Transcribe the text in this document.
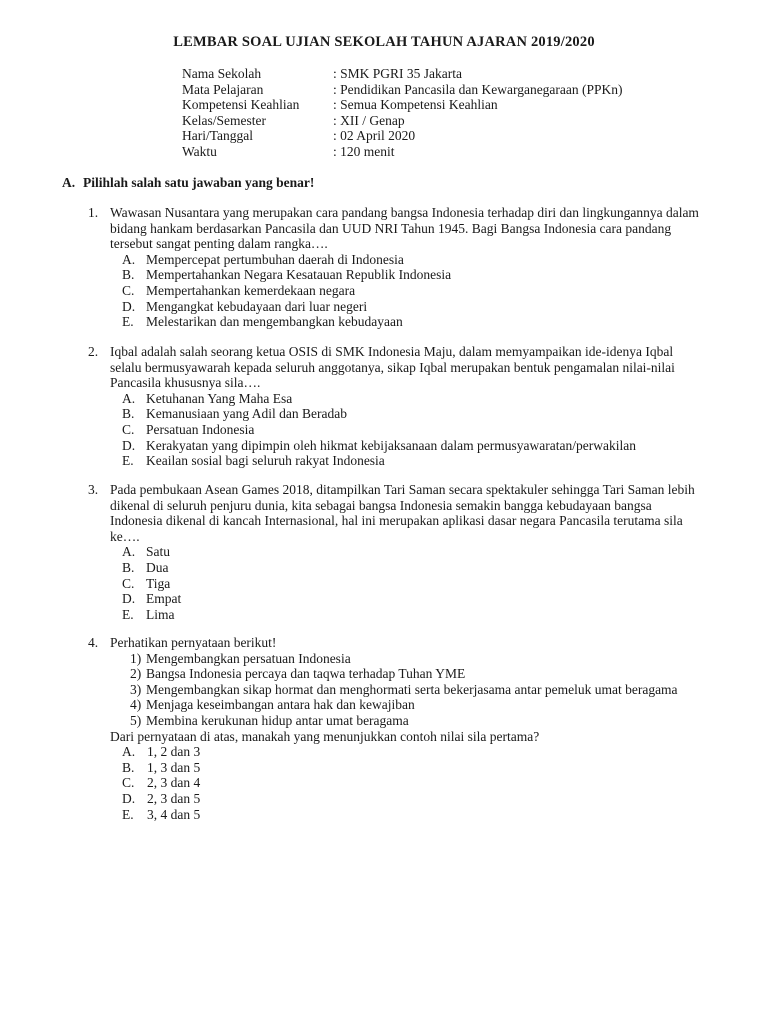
LEMBAR SOAL UJIAN SEKOLAH TAHUN AJARAN 2019/2020
Nama Sekolah	: SMK PGRI 35 Jakarta
Mata Pelajaran	: Pendidikan Pancasila dan Kewarganegaraan (PPKn)
Kompetensi Keahlian : Semua Kompetensi Keahlian
Kelas/Semester	: XII / Genap
Hari/Tanggal	: 02 April 2020
Waktu	: 120 menit
A. Pilihlah salah satu jawaban yang benar!
1. Wawasan Nusantara yang merupakan cara pandang bangsa Indonesia terhadap diri dan lingkungannya dalam
bidang hankam berdasarkan Pancasila dan UUD NRI Tahun 1945. Bagi Bangsa Indonesia cara pandang
tersebut sangat penting dalam rangka….
A. Mempercepat pertumbuhan daerah di Indonesia
B. Mempertahankan Negara Kesatauan Republik Indonesia
C. Mempertahankan kemerdekaan negara
D. Mengangkat kebudayaan dari luar negeri
E. Melestarikan dan mengembangkan kebudayaan
2. Iqbal adalah salah seorang ketua OSIS di SMK Indonesia Maju, dalam memyampaikan ide-idenya Iqbal
selalu bermusyawarah kepada seluruh anggotanya, sikap Iqbal merupakan bentuk pengamalan nilai-nilai
Pancasila khususnya sila….
A. Ketuhanan Yang Maha Esa
B. Kemanusiaan yang Adil dan Beradab
C. Persatuan Indonesia
D. Kerakyatan yang dipimpin oleh hikmat kebijaksanaan dalam permusyawaratan/perwakilan
E. Keailan sosial bagi seluruh rakyat Indonesia
3. Pada pembukaan Asean Games 2018, ditampilkan Tari Saman secara spektakuler sehingga Tari Saman lebih
dikenal di seluruh penjuru dunia, kita sebagai bangsa Indonesia semakin bangga kebudayaan bangsa
Indonesia dikenal di kancah Internasional, hal ini merupakan aplikasi dasar negara Pancasila terutama sila
ke….
A. Satu
B. Dua
C. Tiga
D. Empat
E. Lima
4. Perhatikan pernyataan berikut!
1) Mengembangkan persatuan Indonesia
2) Bangsa Indonesia percaya dan taqwa terhadap Tuhan YME
3) Mengembangkan sikap hormat dan menghormati serta bekerjasama antar pemeluk umat beragama
4) Menjaga keseimbangan antara hak dan kewajiban
5) Membina kerukunan hidup antar umat beragama
Dari pernyataan di atas, manakah yang menunjukkan contoh nilai sila pertama?
A. 1, 2 dan 3
B. 1, 3 dan 5
C. 2, 3 dan 4
D. 2, 3 dan 5
E. 3, 4 dan 5
